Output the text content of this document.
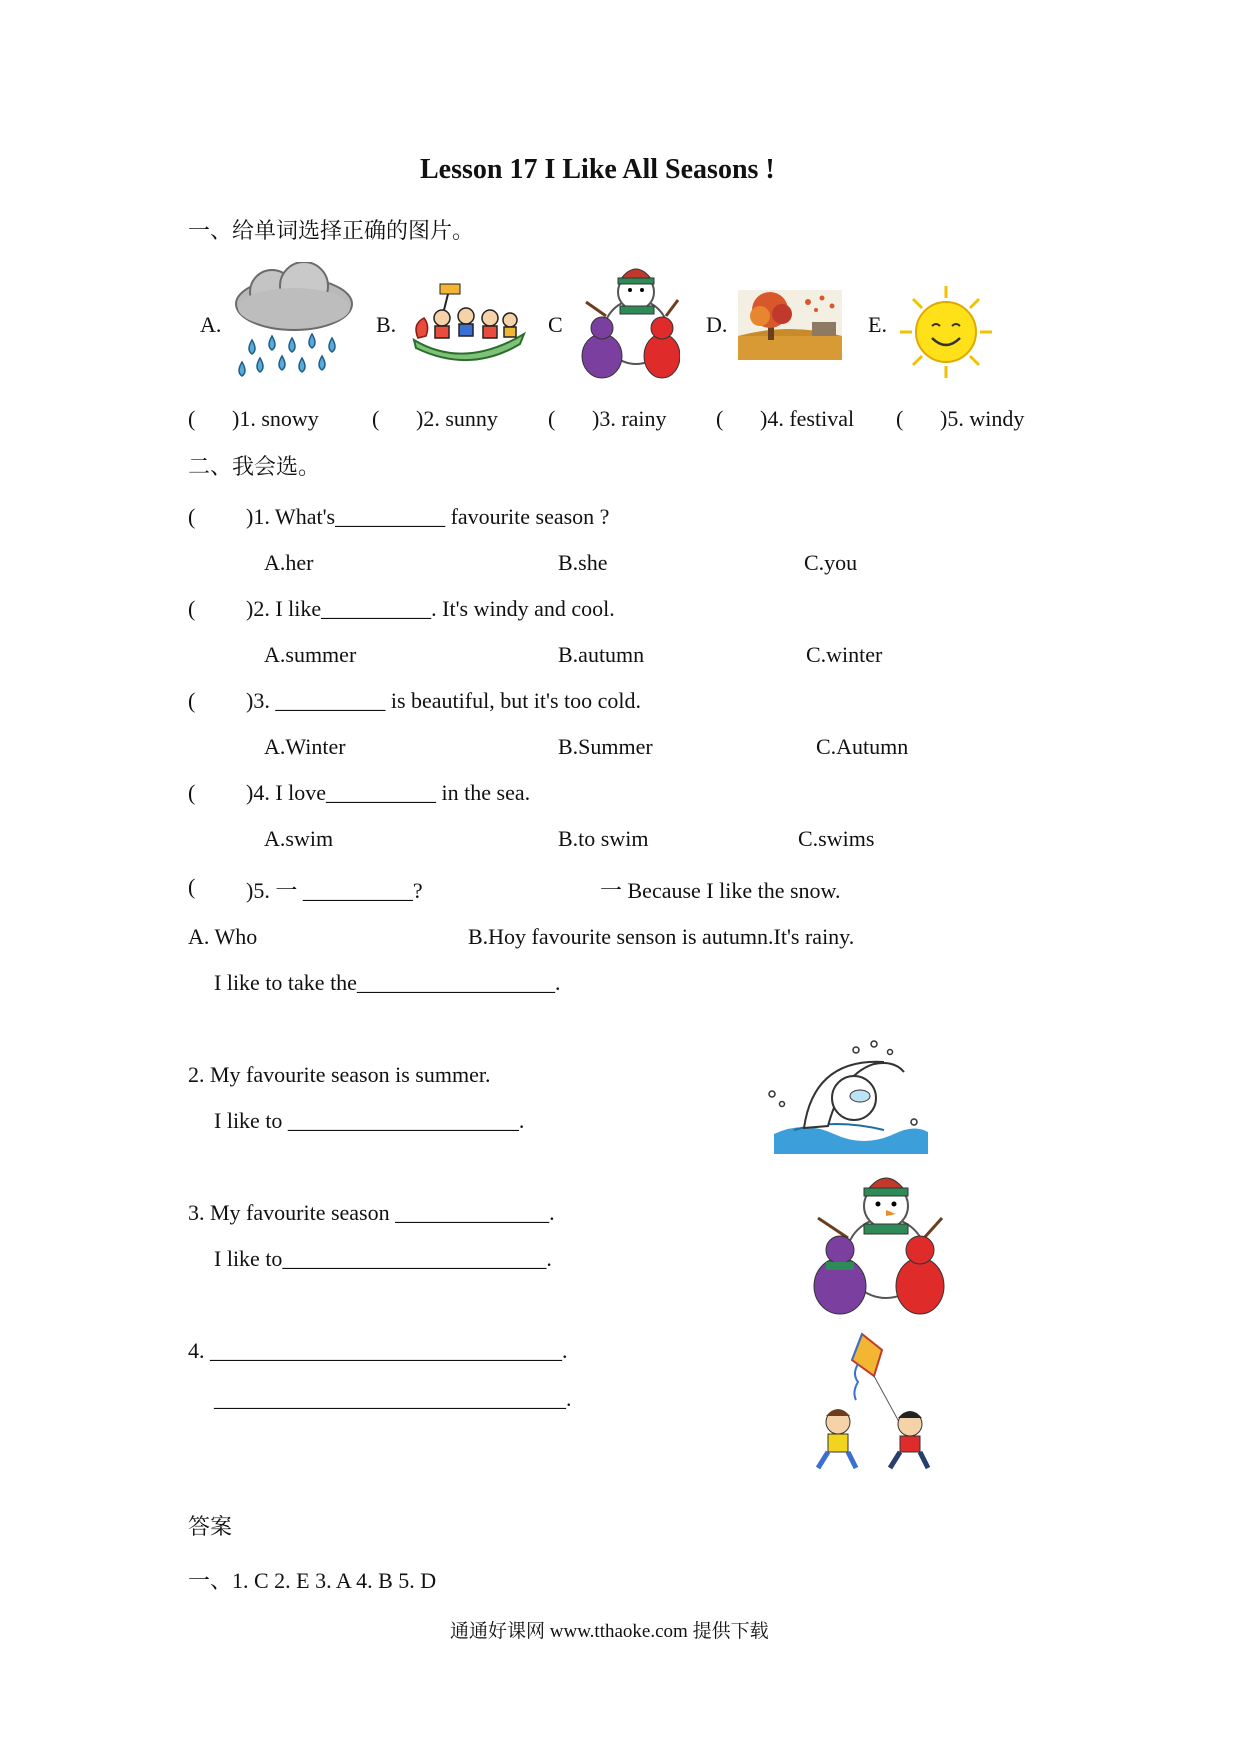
Lesson 17 I Like All Seasons !
一、给单词选择正确的图片。
A.	B.	C	D.	E.
( )1. snowy ( )2. sunny ( )3. rainy ( )4. festival ( )5. windy
二、我会选。
( )1. What's__________ favourite season ?
A.her	B.she	C.you
( )2. I like__________. It's windy and cool.
A.summer	B.autumn	C.winter
( )3. __________ is beautiful, but it's too cold.
A.Winter	B.Summer	C.Autumn
( )4. I love__________ in the sea.
A.swim	B.to swim	C.swims
( )5. 一 __________?	一 Because I like the snow.
A. Who	B.Hoy favourite senson is autumn.It's rainy.
I like to take the__________________.
2. My favourite season is summer.
I like to _____________________.
3. My favourite season ______________.
I like to________________________.
4. ________________________________.
________________________________.
答案
一、1. C 2. E 3. A 4. B 5. D
通通好课网 www.tthaoke.com 提供下载
